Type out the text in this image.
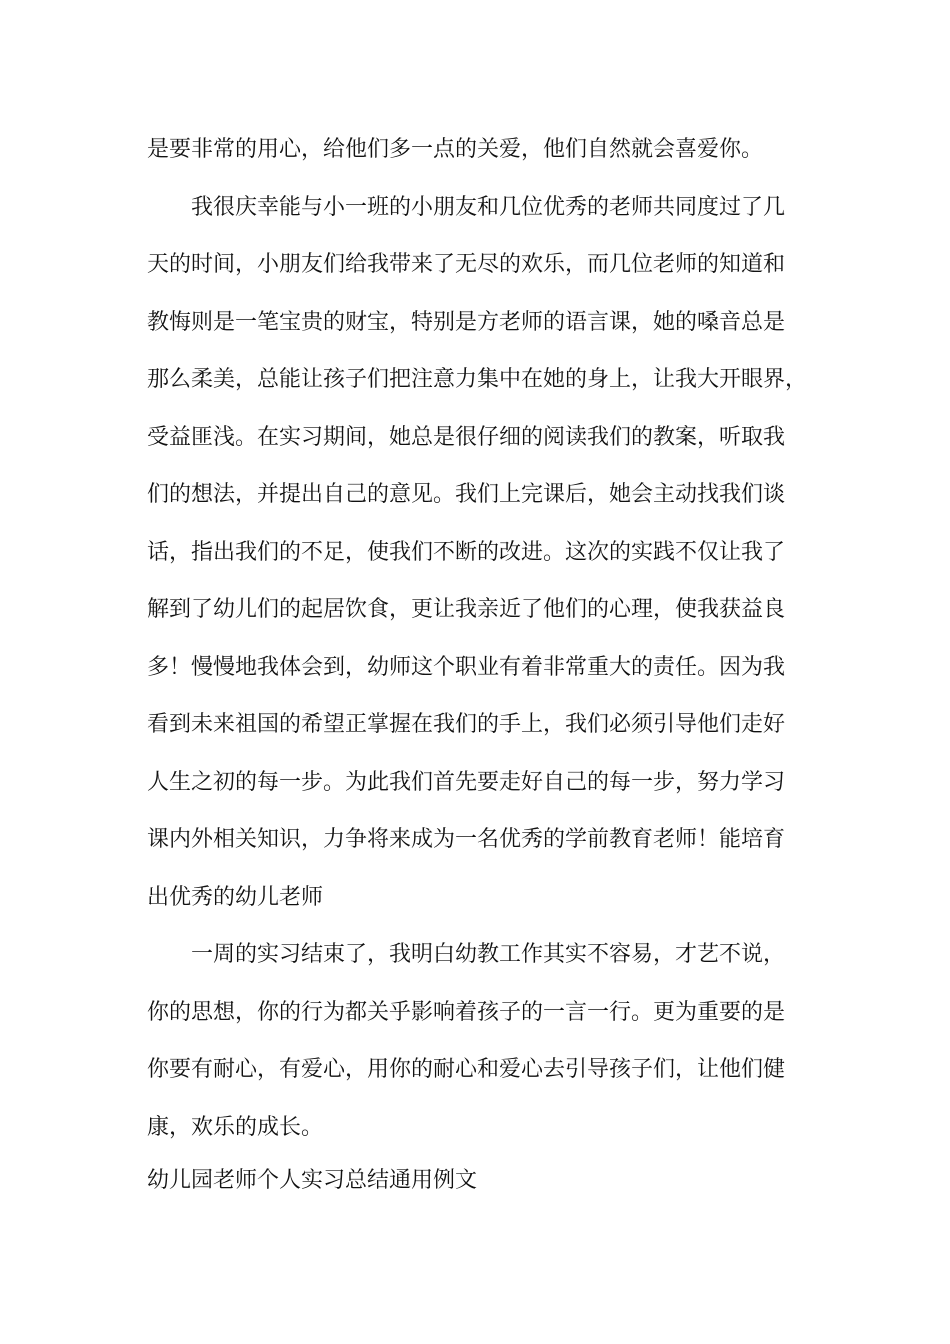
是要非常的用心，给他们多一点的关爱，他们自然就会喜爱你。
我很庆幸能与小一班的小朋友和几位优秀的老师共同度过了几
天的时间，小朋友们给我带来了无尽的欢乐，而几位老师的知道和
教悔则是一笔宝贵的财宝，特别是方老师的语言课，她的嗓音总是
那么柔美，总能让孩子们把注意力集中在她的身上，让我大开眼界，
受益匪浅。在实习期间，她总是很仔细的阅读我们的教案，听取我
们的想法，并提出自己的意见。我们上完课后，她会主动找我们谈
话，指出我们的不足，使我们不断的改进。这次的实践不仅让我了
解到了幼儿们的起居饮食，更让我亲近了他们的心理，使我获益良
多！慢慢地我体会到，幼师这个职业有着非常重大的责任。因为我
看到未来祖国的希望正掌握在我们的手上，我们必须引导他们走好
人生之初的每一步。为此我们首先要走好自己的每一步，努力学习
课内外相关知识，力争将来成为一名优秀的学前教育老师！能培育
出优秀的幼儿老师
一周的实习结束了，我明白幼教工作其实不容易，才艺不说，
你的思想，你的行为都关乎影响着孩子的一言一行。更为重要的是
你要有耐心，有爱心，用你的耐心和爱心去引导孩子们，让他们健
康，欢乐的成长。
幼儿园老师个人实习总结通用例文
